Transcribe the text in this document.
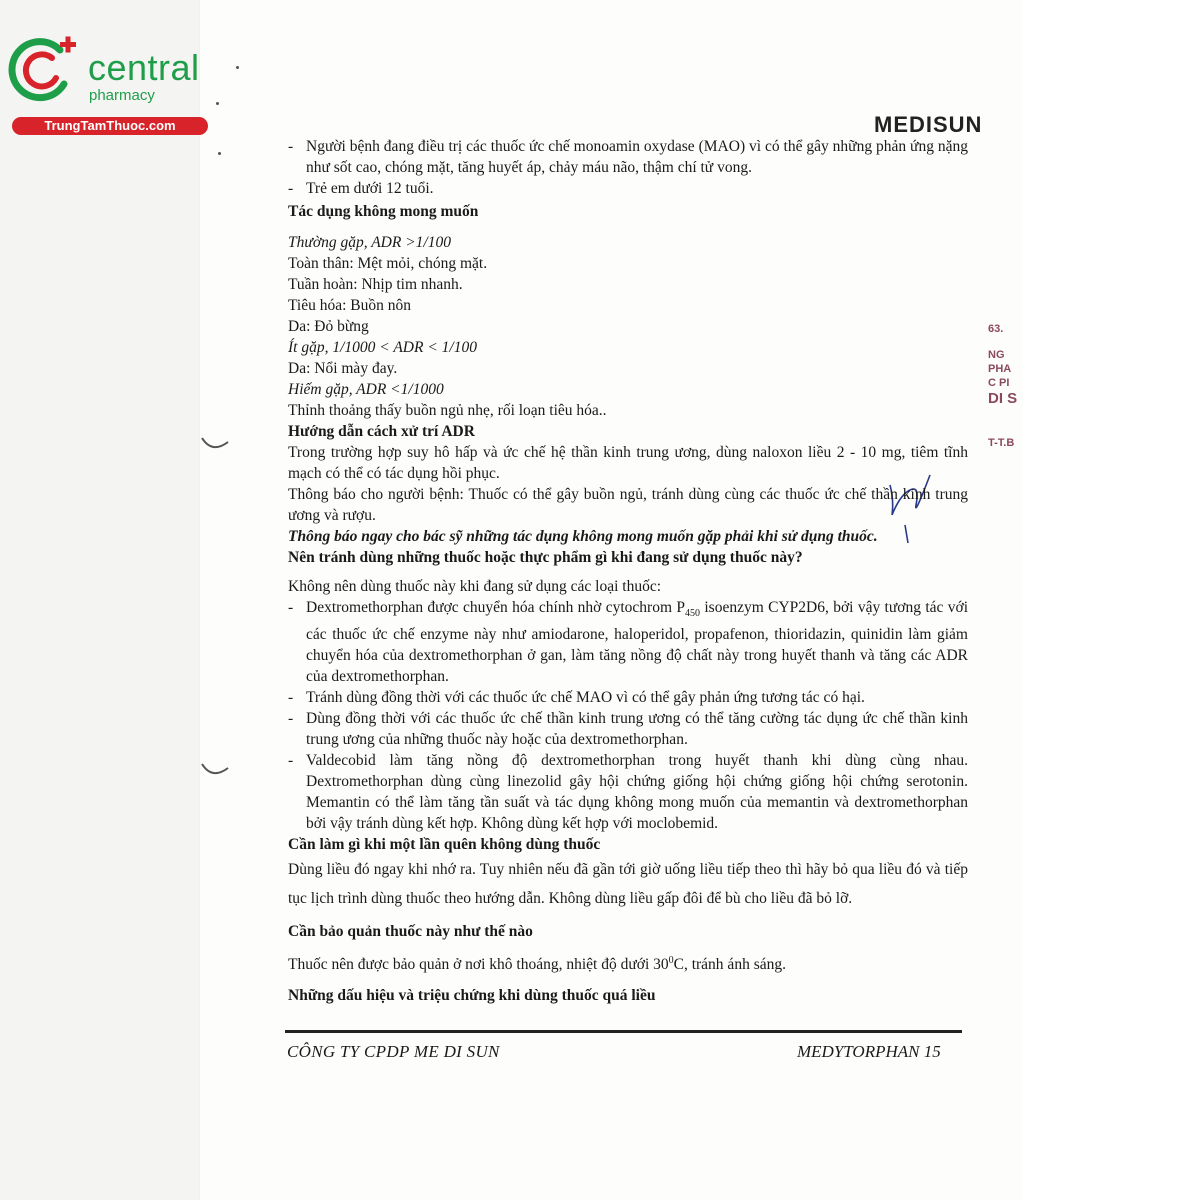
central
pharmacy
TrungTamThuoc.com	MEDISUN
63.
NG
PHA
C PI
DI S
T-T.B

- Người bệnh đang điều trị các thuốc ức chế monoamin oxydase (MAO) vì có thể gây những phản ứng nặng như sốt cao, chóng mặt, tăng huyết áp, chảy máu não, thậm chí tử vong.

- Trẻ em dưới 12 tuổi.

Tác dụng không mong muốn

Thường gặp, ADR >1/100

Toàn thân: Mệt mỏi, chóng mặt.

Tuần hoàn: Nhịp tim nhanh.

Tiêu hóa: Buồn nôn

Da: Đỏ bừng

Ít gặp, 1/1000 < ADR < 1/100

Da: Nổi mày đay.

Hiếm gặp, ADR <1/1000

Thỉnh thoảng thấy buồn ngủ nhẹ, rối loạn tiêu hóa..

Hướng dẫn cách xử trí ADR

Trong trường hợp suy hô hấp và ức chế hệ thần kinh trung ương, dùng naloxon liều 2 - 10 mg, tiêm tĩnh mạch có thể có tác dụng hồi phục.

Thông báo cho người bệnh: Thuốc có thể gây buồn ngủ, tránh dùng cùng các thuốc ức chế thần kinh trung ương và rượu.

Thông báo ngay cho bác sỹ những tác dụng không mong muốn gặp phải khi sử dụng thuốc.

Nên tránh dùng những thuốc hoặc thực phẩm gì khi đang sử dụng thuốc này?

Không nên dùng thuốc này khi đang sử dụng các loại thuốc:

- Dextromethorphan được chuyển hóa chính nhờ cytochrom $P_{450}$ isoenzym CYP2D6, bởi vậy tương tác với các thuốc ức chế enzyme này như amiodarone, haloperidol, propafenon, thioridazin, quinidin làm giảm chuyển hóa của dextromethorphan ở gan, làm tăng nồng độ chất này trong huyết thanh và tăng các ADR của dextromethorphan.

- Tránh dùng đồng thời với các thuốc ức chế MAO vì có thể gây phản ứng tương tác có hại.

- Dùng đồng thời với các thuốc ức chế thần kinh trung ương có thể tăng cường tác dụng ức chế thần kinh trung ương của những thuốc này hoặc của dextromethorphan.

- Valdecobid làm tăng nồng độ dextromethorphan trong huyết thanh khi dùng cùng nhau. Dextromethorphan dùng cùng linezolid gây hội chứng giống hội chứng giống hội chứng serotonin. Memantin có thể làm tăng tần suất và tác dụng không mong muốn của memantin và dextromethorphan bởi vậy tránh dùng kết hợp. Không dùng kết hợp với moclobemid.

Cần làm gì khi một lần quên không dùng thuốc

Dùng liều đó ngay khi nhớ ra. Tuy nhiên nếu đã gần tới giờ uống liều tiếp theo thì hãy bỏ qua liều đó và tiếp tục lịch trình dùng thuốc theo hướng dẫn. Không dùng liều gấp đôi để bù cho liều đã bỏ lỡ.

Cần bảo quản thuốc này như thế nào

Thuốc nên được bảo quản ở nơi khô thoáng, nhiệt độ dưới $30^0C$, tránh ánh sáng.

Những dấu hiệu và triệu chứng khi dùng thuốc quá liều

CÔNG TY CPDP ME DI SUN	MEDYTORPHAN 15
